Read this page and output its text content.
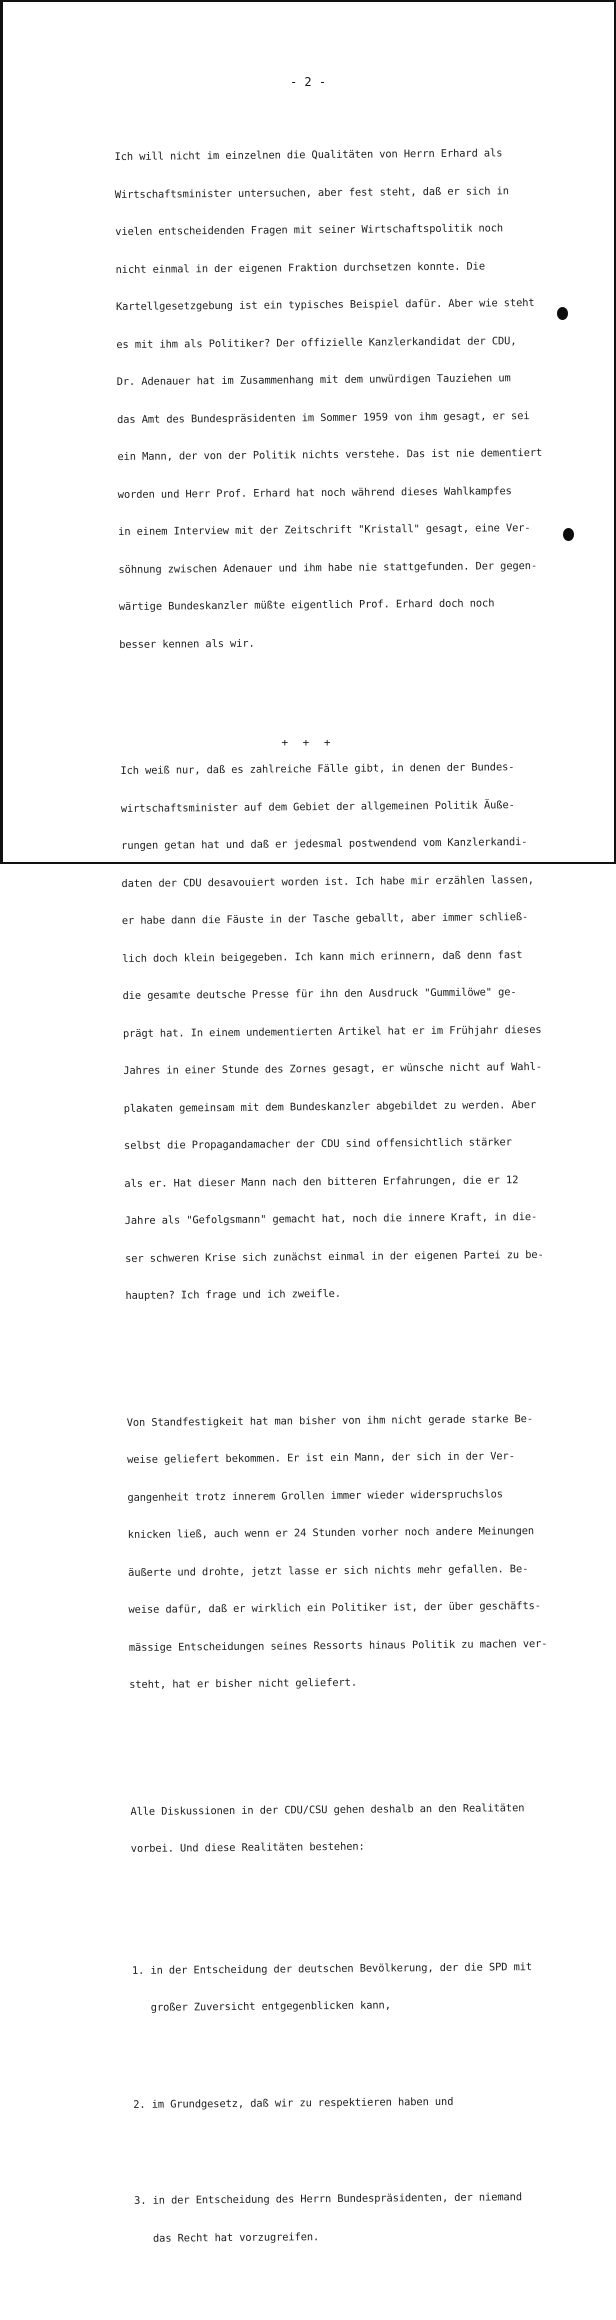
- 2 -

Ich will nicht im einzelnen die Qualitäten von Herrn Erhard als

Wirtschaftsminister untersuchen, aber fest steht, daß er sich in

vielen entscheidenden Fragen mit seiner Wirtschaftspolitik noch

nicht einmal in der eigenen Fraktion durchsetzen konnte. Die

Kartellgesetzgebung ist ein typisches Beispiel dafür. Aber wie steht

es mit ihm als Politiker? Der offizielle Kanzlerkandidat der CDU,

Dr. Adenauer hat im Zusammenhang mit dem unwürdigen Tauziehen um

das Amt des Bundespräsidenten im Sommer 1959 von ihm gesagt, er sei

ein Mann, der von der Politik nichts verstehe. Das ist nie dementiert

worden und Herr Prof. Erhard hat noch während dieses Wahlkampfes

in einem Interview mit der Zeitschrift "Kristall" gesagt, eine Ver-

söhnung zwischen Adenauer und ihm habe nie stattgefunden. Der gegen-

wärtige Bundeskanzler müßte eigentlich Prof. Erhard doch noch

besser kennen als wir.

Ich weiß nur, daß es zahlreiche Fälle gibt, in denen der Bundes-

wirtschaftsminister auf dem Gebiet der allgemeinen Politik Äuße-

rungen getan hat und daß er jedesmal postwendend vom Kanzlerkandi-

daten der CDU desavouiert worden ist. Ich habe mir erzählen lassen,

er habe dann die Fäuste in der Tasche geballt, aber immer schließ-

lich doch klein beigegeben. Ich kann mich erinnern, daß denn fast

die gesamte deutsche Presse für ihn den Ausdruck "Gummilöwe" ge-

prägt hat. In einem undementierten Artikel hat er im Frühjahr dieses

Jahres in einer Stunde des Zornes gesagt, er wünsche nicht auf Wahl-

plakaten gemeinsam mit dem Bundeskanzler abgebildet zu werden. Aber

selbst die Propagandamacher der CDU sind offensichtlich stärker

als er. Hat dieser Mann nach den bitteren Erfahrungen, die er 12

Jahre als "Gefolgsmann" gemacht hat, noch die innere Kraft, in die-

ser schweren Krise sich zunächst einmal in der eigenen Partei zu be-

haupten? Ich frage und ich zweifle.

Von Standfestigkeit hat man bisher von ihm nicht gerade starke Be-

weise geliefert bekommen. Er ist ein Mann, der sich in der Ver-

gangenheit trotz innerem Grollen immer wieder widerspruchslos

knicken ließ, auch wenn er 24 Stunden vorher noch andere Meinungen

äußerte und drohte, jetzt lasse er sich nichts mehr gefallen. Be-

weise dafür, daß er wirklich ein Politiker ist, der über geschäfts-

mässige Entscheidungen seines Ressorts hinaus Politik zu machen ver-

steht, hat er bisher nicht geliefert.

Alle Diskussionen in der CDU/CSU gehen deshalb an den Realitäten

vorbei. Und diese Realitäten bestehen:

1. in der Entscheidung der deutschen Bevölkerung, der die SPD mit

großer Zuversicht entgegenblicken kann,

2. im Grundgesetz, daß wir zu respektieren haben und

3. in der Entscheidung des Herrn Bundespräsidenten, der niemand

das Recht hat vorzugreifen.

+ + +
